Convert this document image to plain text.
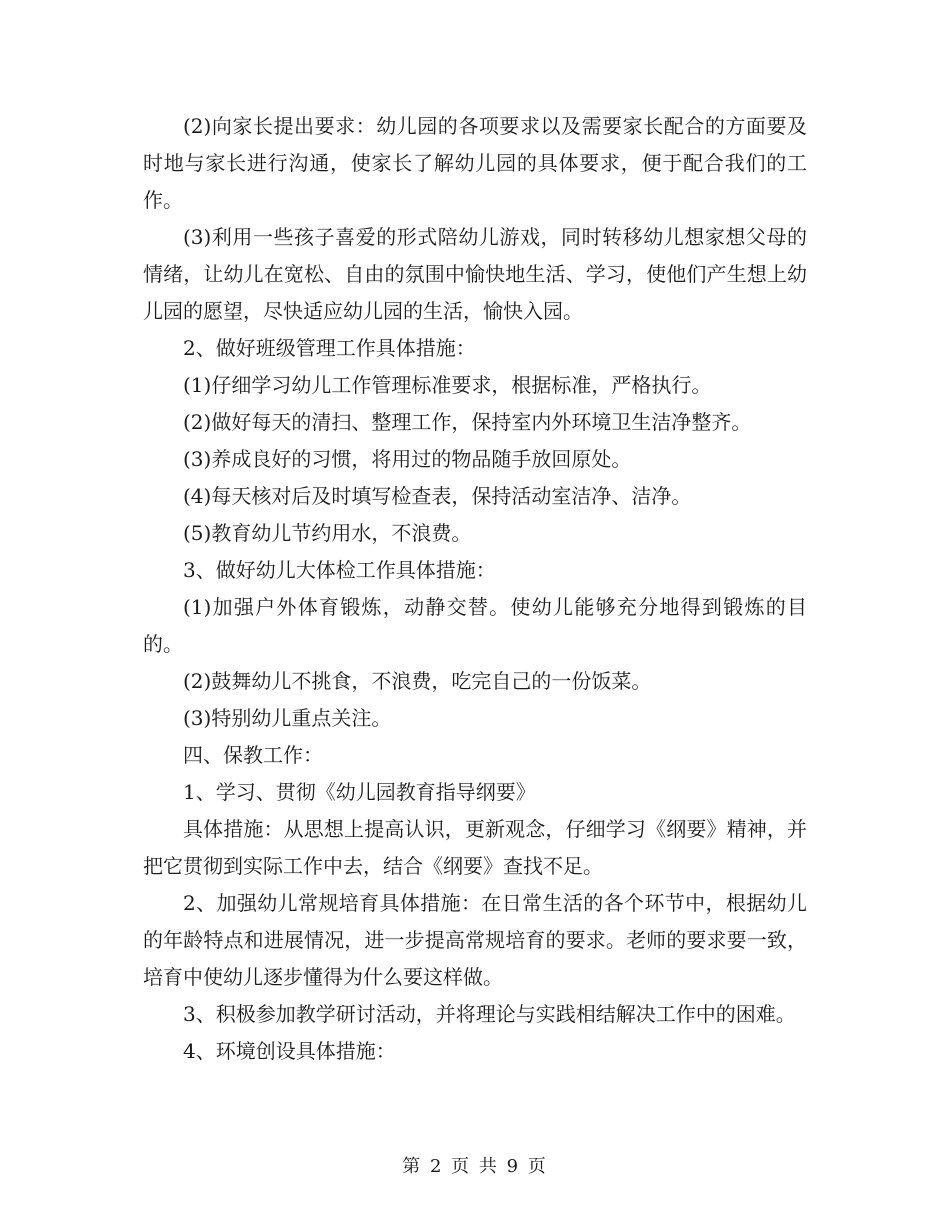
(2)向家长提出要求：幼儿园的各项要求以及需要家长配合的方面要及时地与家长进行沟通，使家长了解幼儿园的具体要求，便于配合我们的工作。

(3)利用一些孩子喜爱的形式陪幼儿游戏，同时转移幼儿想家想父母的情绪，让幼儿在宽松、自由的氛围中愉快地生活、学习，使他们产生想上幼儿园的愿望，尽快适应幼儿园的生活，愉快入园。

2、做好班级管理工作具体措施：

(1)仔细学习幼儿工作管理标准要求，根据标准，严格执行。

(2)做好每天的清扫、整理工作，保持室内外环境卫生洁净整齐。

(3)养成良好的习惯，将用过的物品随手放回原处。

(4)每天核对后及时填写检查表，保持活动室洁净、洁净。

(5)教育幼儿节约用水，不浪费。

3、做好幼儿大体检工作具体措施：

(1)加强户外体育锻炼，动静交替。使幼儿能够充分地得到锻炼的目的。

(2)鼓舞幼儿不挑食，不浪费，吃完自己的一份饭菜。

(3)特别幼儿重点关注。

四、保教工作：

1、学习、贯彻《幼儿园教育指导纲要》

具体措施：从思想上提高认识，更新观念，仔细学习《纲要》精神，并把它贯彻到实际工作中去，结合《纲要》查找不足。

2、加强幼儿常规培育具体措施：在日常生活的各个环节中，根据幼儿的年龄特点和进展情况，进一步提高常规培育的要求。老师的要求要一致，培育中使幼儿逐步懂得为什么要这样做。

3、积极参加教学研讨活动，并将理论与实践相结解决工作中的困难。

4、环境创设具体措施：

第 2 页 共 9 页
